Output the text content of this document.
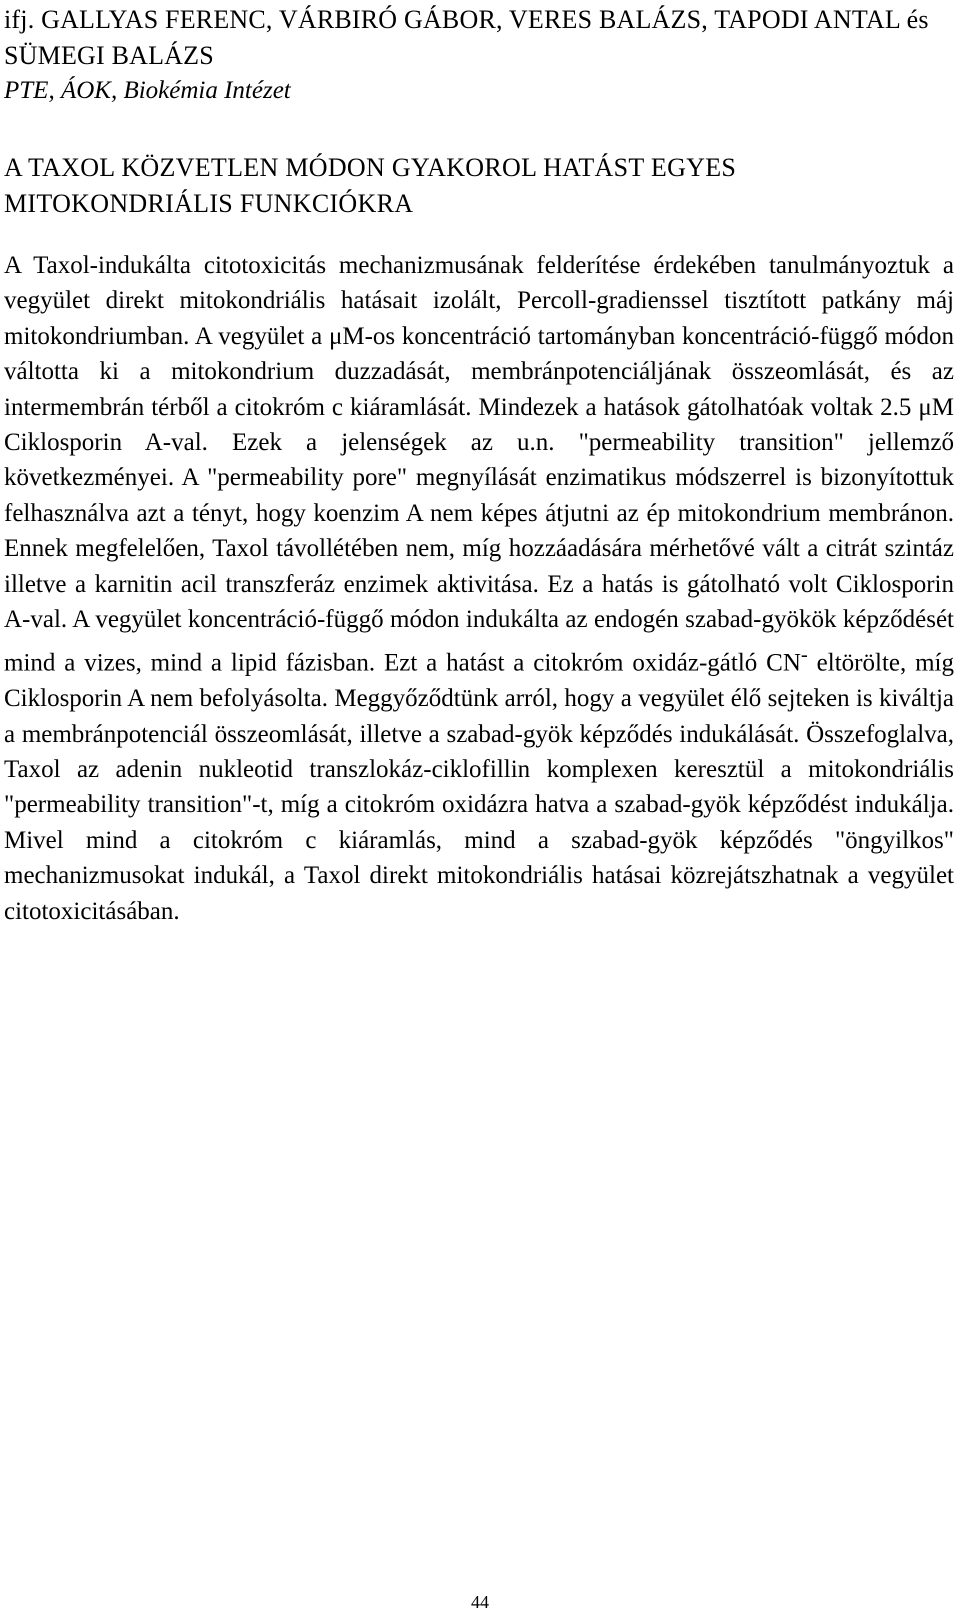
ifj. GALLYAS FERENC, VÁRBIRÓ GÁBOR, VERES BALÁZS, TAPODI ANTAL és SÜMEGI BALÁZS

PTE, ÁOK, Biokémia Intézet

A TAXOL KÖZVETLEN MÓDON GYAKOROL HATÁST EGYES MITOKONDRIÁLIS FUNKCIÓKRA

A Taxol-indukálta citotoxicitás mechanizmusának felderítése érdekében tanulmányoztuk a vegyület direkt mitokondriális hatásait izolált, Percoll-gradienssel tisztított patkány máj mitokondriumban. A vegyület a μM-os koncentráció tartományban koncentráció-függő módon váltotta ki a mitokondrium duzzadását, membránpotenciáljának összeomlását, és az intermembrán térből a citokróm c kiáramlását. Mindezek a hatások gátolhatóak voltak 2.5 μM Ciklosporin A-val. Ezek a jelenségek az u.n. "permeability transition" jellemző következményei. A "permeability pore" megnyílását enzimatikus módszerrel is bizonyítottuk felhasználva azt a tényt, hogy koenzim A nem képes átjutni az ép mitokondrium membránon. Ennek megfelelően, Taxol távollétében nem, míg hozzáadására mérhetővé vált a citrát szintáz illetve a karnitin acil transzferáz enzimek aktivitása. Ez a hatás is gátolható volt Ciklosporin A-val. A vegyület koncentráció-függő módon indukálta az endogén szabad-gyökök képződését mind a vizes, mind a lipid fázisban. Ezt a hatást a citokróm oxidáz-gátló CN- eltörölte, míg Ciklosporin A nem befolyásolta. Meggyőződtünk arról, hogy a vegyület élő sejteken is kiváltja a membránpotenciál összeomlását, illetve a szabad-gyök képződés indukálását. Összefoglalva, Taxol az adenin nukleotid transzlokáz-ciklofillin komplexen keresztül a mitokondriális "permeability transition"-t, míg a citokróm oxidázra hatva a szabad-gyök képződést indukálja. Mivel mind a citokróm c kiáramlás, mind a szabad-gyök képződés "öngyilkos" mechanizmusokat indukál, a Taxol direkt mitokondriális hatásai közrejátszhatnak a vegyület citotoxicitásában.

44
